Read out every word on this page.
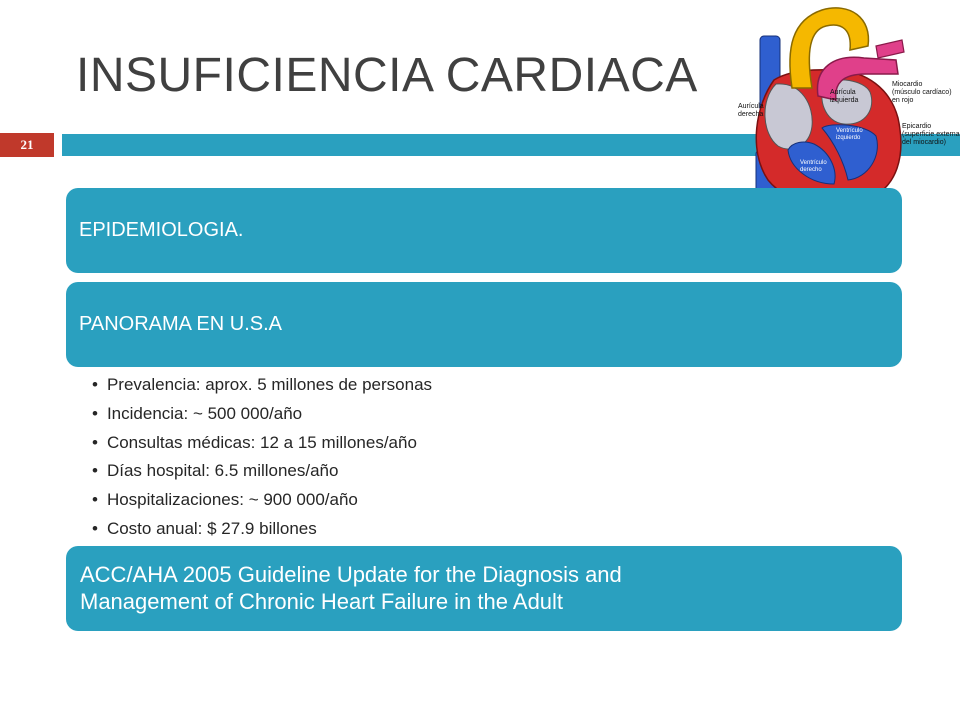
INSUFICIENCIA CARDIACA
21
Aurícula
derecha
Aurícula
izquierda
Ventrículo
izquierdo
Ventrículo
derecho
Miocardio
(músculo cardíaco)
en rojo
Epicardio
(superficie externa
del miocardio)
EPIDEMIOLOGIA.
PANORAMA EN U.S.A
• Prevalencia: aprox. 5 millones de personas
• Incidencia: ~ 500 000/año
• Consultas médicas: 12 a 15 millones/año
• Días hospital: 6.5 millones/año
• Hospitalizaciones: ~ 900 000/año
• Costo anual: $ 27.9 billones
ACC/AHA 2005 Guideline Update for the Diagnosis and
Management of Chronic Heart Failure in the Adult
